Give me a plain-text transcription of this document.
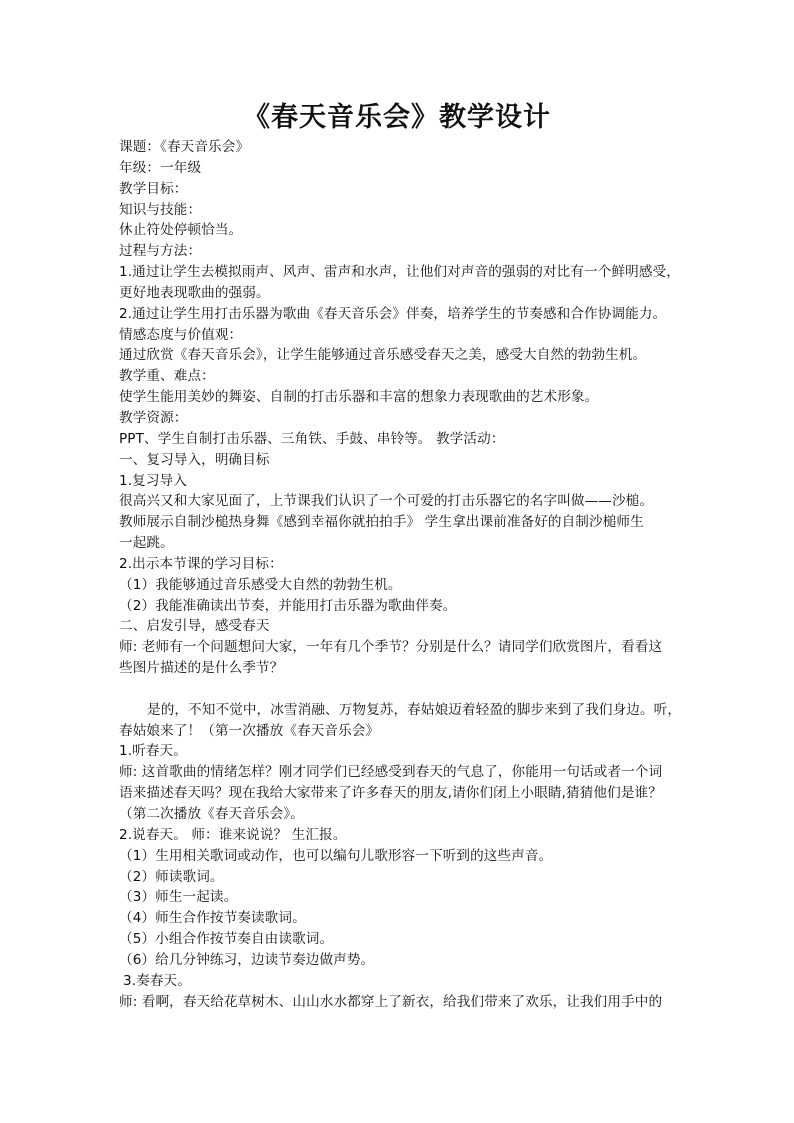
《春天音乐会》教学设计
课题：《春天音乐会》
年级：一年级
教学目标：
知识与技能：
休止符处停顿恰当。
过程与方法：
1.通过让学生去模拟雨声、风声、雷声和水声，让他们对声音的强弱的对比有一个鲜明感受，
更好地表现歌曲的强弱。
2.通过让学生用打击乐器为歌曲《春天音乐会》伴奏，培养学生的节奏感和合作协调能力。
情感态度与价值观：
通过欣赏《春天音乐会》，让学生能够通过音乐感受春天之美，感受大自然的勃勃生机。
教学重、难点：
使学生能用美妙的舞姿、自制的打击乐器和丰富的想象力表现歌曲的艺术形象。
教学资源：
PPT、学生自制打击乐器、三角铁、手鼓、串铃等。 教学活动：
一、复习导入，明确目标
1.复习导入
很高兴又和大家见面了，上节课我们认识了一个可爱的打击乐器它的名字叫做——沙槌。
教师展示自制沙槌热身舞《感到幸福你就拍拍手》 学生拿出课前准备好的自制沙槌师生
一起跳。
2.出示本节课的学习目标：
（1）我能够通过音乐感受大自然的勃勃生机。
（2）我能准确读出节奏，并能用打击乐器为歌曲伴奏。
二、启发引导，感受春天
师: 老师有一个问题想问大家，一年有几个季节？分别是什么？请同学们欣赏图片，看看这
些图片描述的是什么季节？
是的，不知不觉中，冰雪消融、万物复苏，春姑娘迈着轻盈的脚步来到了我们身边。听，
春姑娘来了！（第一次播放《春天音乐会》
1.听春天。
师: 这首歌曲的情绪怎样？刚才同学们已经感受到春天的气息了，你能用一句话或者一个词
语来描述春天吗？现在我给大家带来了许多春天的朋友,请你们闭上小眼睛,猜猜他们是谁？
（第二次播放《春天音乐会》。
2.说春天。 师：谁来说说？ 生汇报。
（1）生用相关歌词或动作，也可以编句儿歌形容一下听到的这些声音。
（2）师读歌词。
（3）师生一起读。
（4）师生合作按节奏读歌词。
（5）小组合作按节奏自由读歌词。
（6）给几分钟练习，边读节奏边做声势。
3.奏春天。
师: 看啊，春天给花草树木、山山水水都穿上了新衣，给我们带来了欢乐，让我们用手中的
